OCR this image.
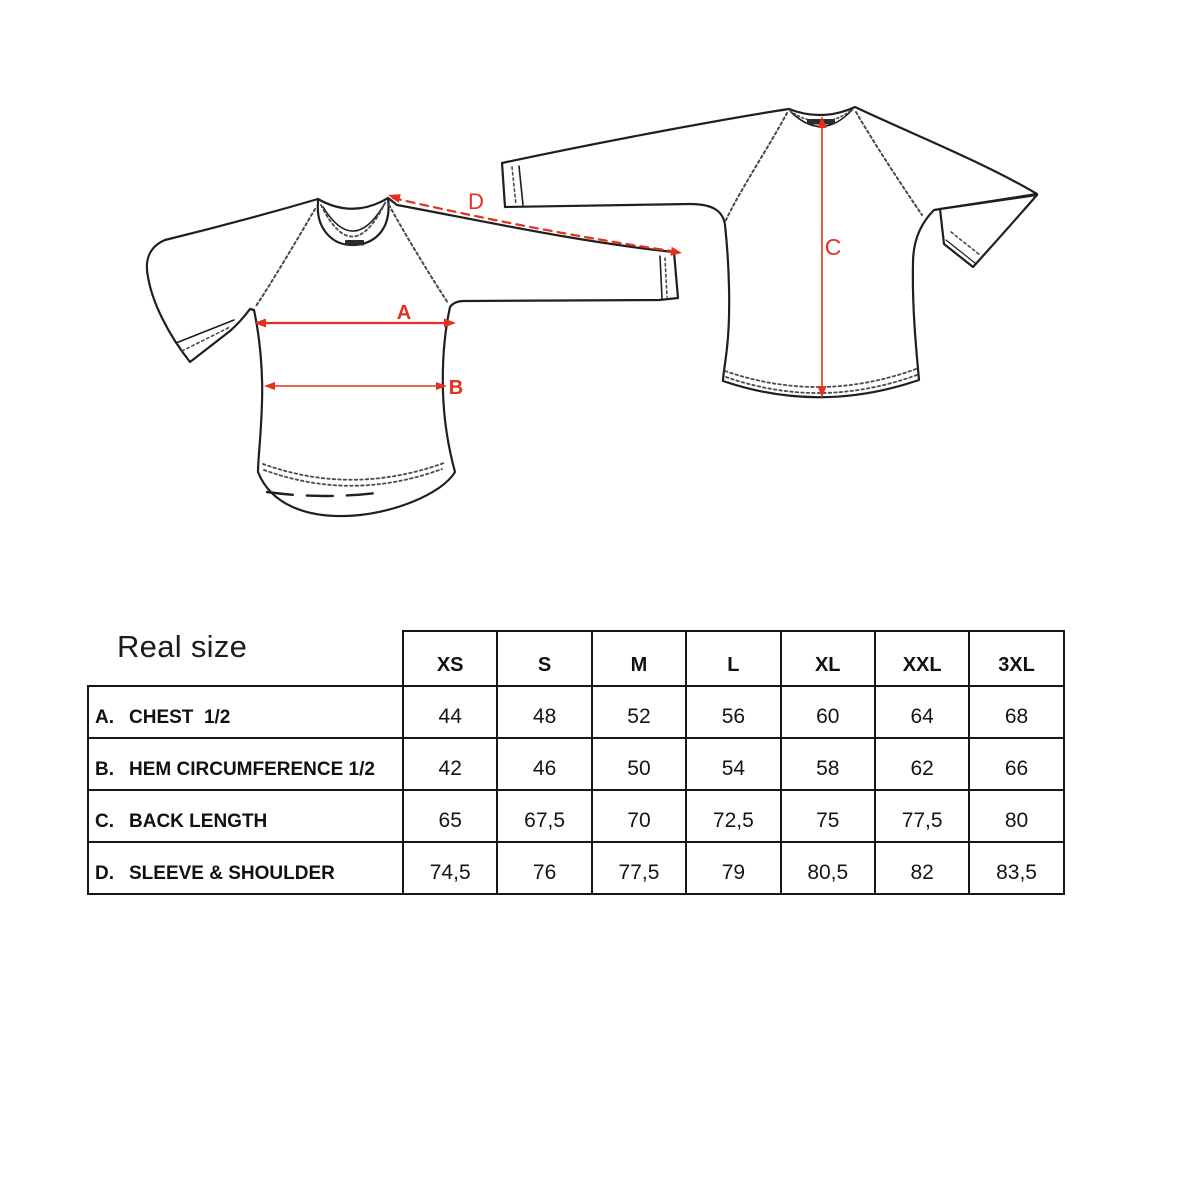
A
B
C
D
Real size	XS	S	M	L	XL	XXL	3XL
A. CHEST  1/2	44	48	52	56	60	64	68
B. HEM CIRCUMFERENCE 1/2	42	46	50	54	58	62	66
C. BACK LENGTH	65	67,5	70	72,5	75	77,5	80
D. SLEEVE & SHOULDER	74,5	76	77,5	79	80,5	82	83,5
